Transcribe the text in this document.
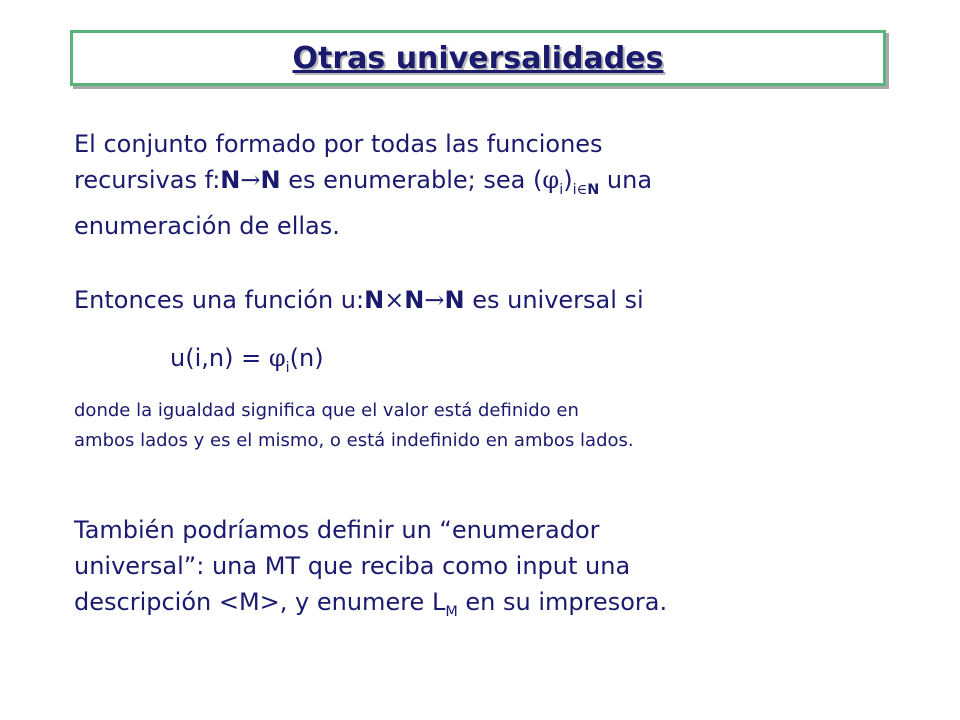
Otras universalidades
El conjunto formado por todas las funciones
recursivas f:N→N es enumerable; sea $(\varphi_i)_{i\in N}$ una
enumeración de ellas.
Entonces una función u:N×N→N es universal si
$u(i,n) = \varphi_i(n)$
donde la igualdad significa que el valor está definido en
ambos lados y es el mismo, o está indefinido en ambos lados.
También podríamos definir un “enumerador
universal”: una MT que reciba como input una
descripción <M>, y enumere $L_M$ en su impresora.
